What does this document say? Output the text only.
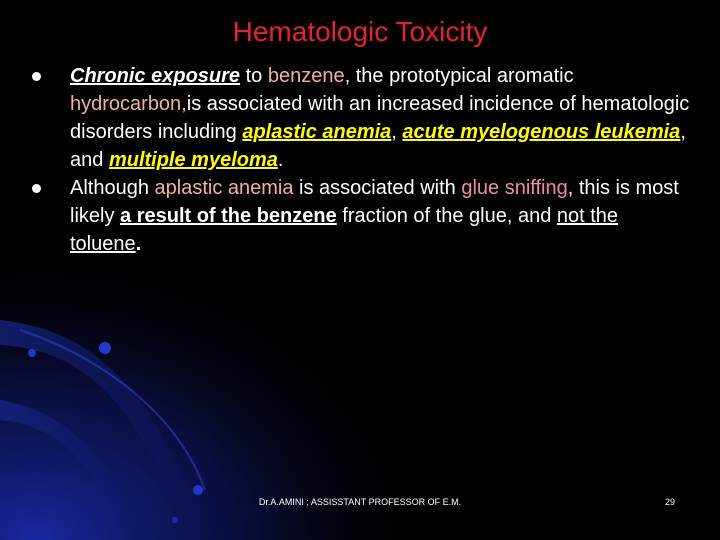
Hematologic Toxicity
Chronic exposure to benzene, the prototypical aromatic hydrocarbon,is associated with an increased incidence of hematologic disorders including aplastic anemia, acute myelogenous leukemia, and multiple myeloma.
Although aplastic anemia is associated with glue sniffing, this is most likely a result of the benzene fraction of the glue, and not the toluene.
Dr.A.AMINI ; ASSISSTANT PROFESSOR OF E.M.	29
